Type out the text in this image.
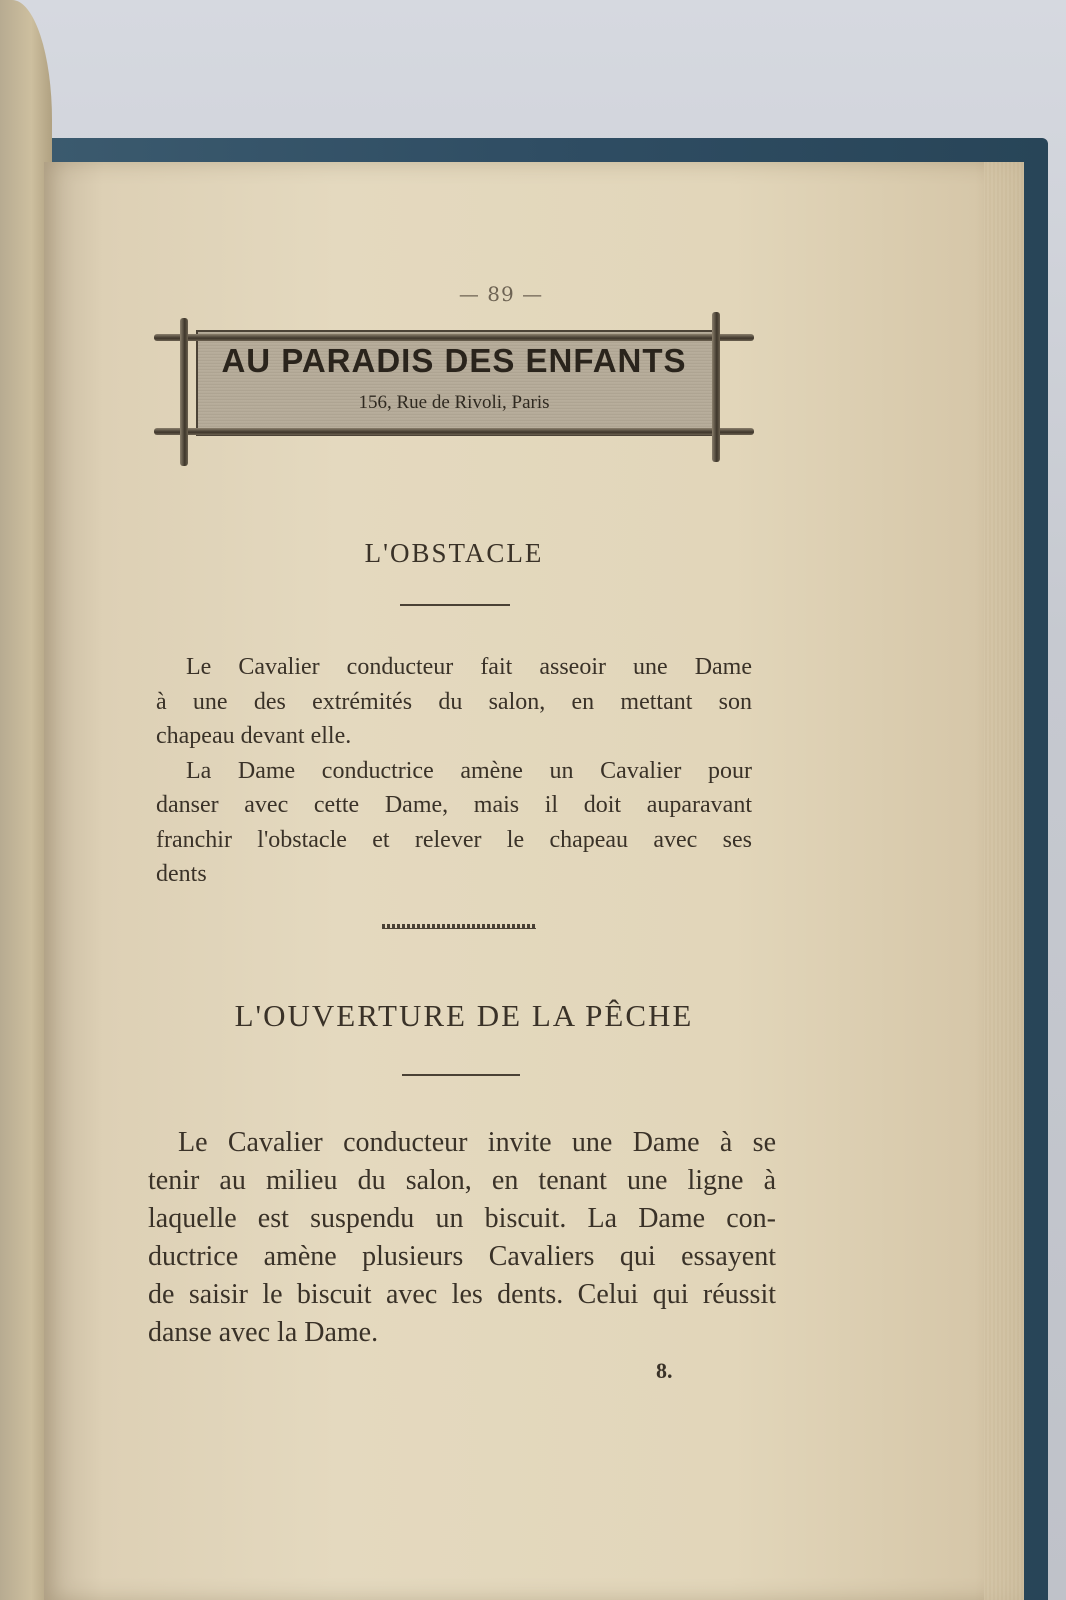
— 89 —
AU PARADIS DES ENFANTS
156, Rue de Rivoli, Paris
L'OBSTACLE
Le Cavalier conducteur fait asseoir une Dame
à une des extrémités du salon, en mettant son
chapeau devant elle.
La Dame conductrice amène un Cavalier pour
danser avec cette Dame, mais il doit auparavant
franchir l'obstacle et relever le chapeau avec ses
dents
L'OUVERTURE DE LA PÊCHE
Le Cavalier conducteur invite une Dame à se
tenir au milieu du salon, en tenant une ligne à
laquelle est suspendu un biscuit. La Dame con-
ductrice amène plusieurs Cavaliers qui essayent
de saisir le biscuit avec les dents. Celui qui réussit
danse avec la Dame.
8.
